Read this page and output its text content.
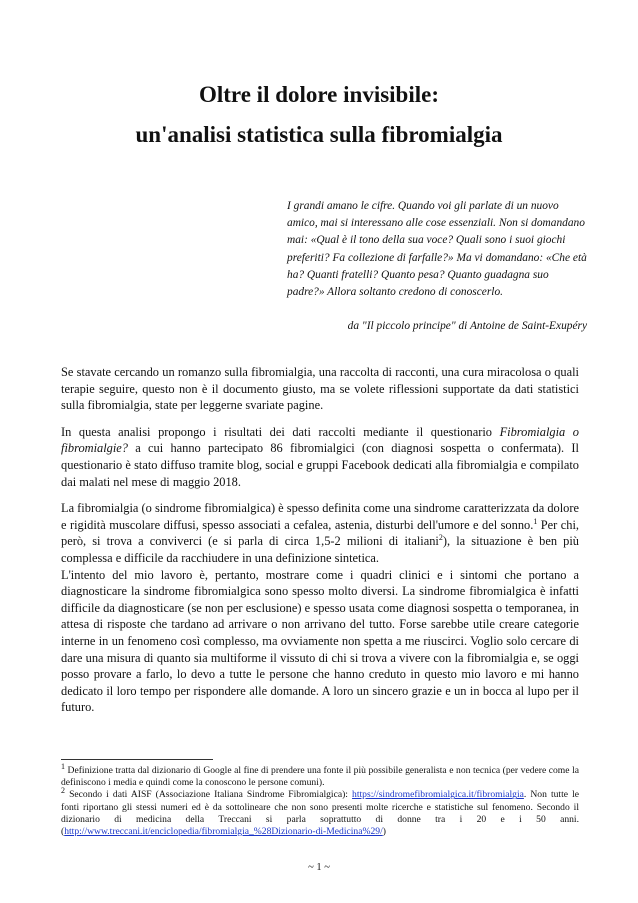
Oltre il dolore invisibile:
un'analisi statistica sulla fibromialgia
I grandi amano le cifre. Quando voi gli parlate di un nuovo amico, mai si interessano alle cose essenziali. Non si domandano mai: «Qual è il tono della sua voce? Quali sono i suoi giochi preferiti? Fa collezione di farfalle?» Ma vi domandano: «Che età ha? Quanti fratelli? Quanto pesa? Quanto guadagna suo padre?» Allora soltanto credono di conoscerlo.
da "Il piccolo principe" di Antoine de Saint-Exupéry

Se stavate cercando un romanzo sulla fibromialgia, una raccolta di racconti, una cura miracolosa o quali terapie seguire, questo non è il documento giusto, ma se volete riflessioni supportate da dati statistici sulla fibromialgia, state per leggerne svariate pagine.

In questa analisi propongo i risultati dei dati raccolti mediante il questionario Fibromialgia o fibromialgie? a cui hanno partecipato 86 fibromialgici (con diagnosi sospetta o confermata). Il questionario è stato diffuso tramite blog, social e gruppi Facebook dedicati alla fibromialgia e compilato dai malati nel mese di maggio 2018.

La fibromialgia (o sindrome fibromialgica) è spesso definita come una sindrome caratterizzata da dolore e rigidità muscolare diffusi, spesso associati a cefalea, astenia, disturbi dell'umore e del sonno.$^1$ Per chi, però, si trova a conviverci (e si parla di circa 1,5-2 milioni di italiani$^2$), la situazione è ben più complessa e difficile da racchiudere in una definizione sintetica.

L'intento del mio lavoro è, pertanto, mostrare come i quadri clinici e i sintomi che portano a diagnosticare la sindrome fibromialgica sono spesso molto diversi. La sindrome fibromialgica è infatti difficile da diagnosticare (se non per esclusione) e spesso usata come diagnosi sospetta o temporanea, in attesa di risposte che tardano ad arrivare o non arrivano del tutto. Forse sarebbe utile creare categorie interne in un fenomeno così complesso, ma ovviamente non spetta a me riuscirci. Voglio solo cercare di dare una misura di quanto sia multiforme il vissuto di chi si trova a vivere con la fibromialgia e, se oggi posso provare a farlo, lo devo a tutte le persone che hanno creduto in questo mio lavoro e mi hanno dedicato il loro tempo per rispondere alle domande. A loro un sincero grazie e un in bocca al lupo per il futuro.

$^1$ Definizione tratta dal dizionario di Google al fine di prendere una fonte il più possibile generalista e non tecnica (per vedere come la definiscono i media e quindi come la conoscono le persone comuni).

$^2$ Secondo i dati AISF (Associazione Italiana Sindrome Fibromialgica): https://sindromefibromialgica.it/fibromialgia. Non tutte le fonti riportano gli stessi numeri ed è da sottolineare che non sono presenti molte ricerche e statistiche sul fenomeno. Secondo il dizionario di medicina della Treccani si parla soprattutto di donne tra i 20 e i 50 anni. (http://www.treccani.it/enciclopedia/fibromialgia_%28Dizionario-di-Medicina%29/)

~ 1 ~
